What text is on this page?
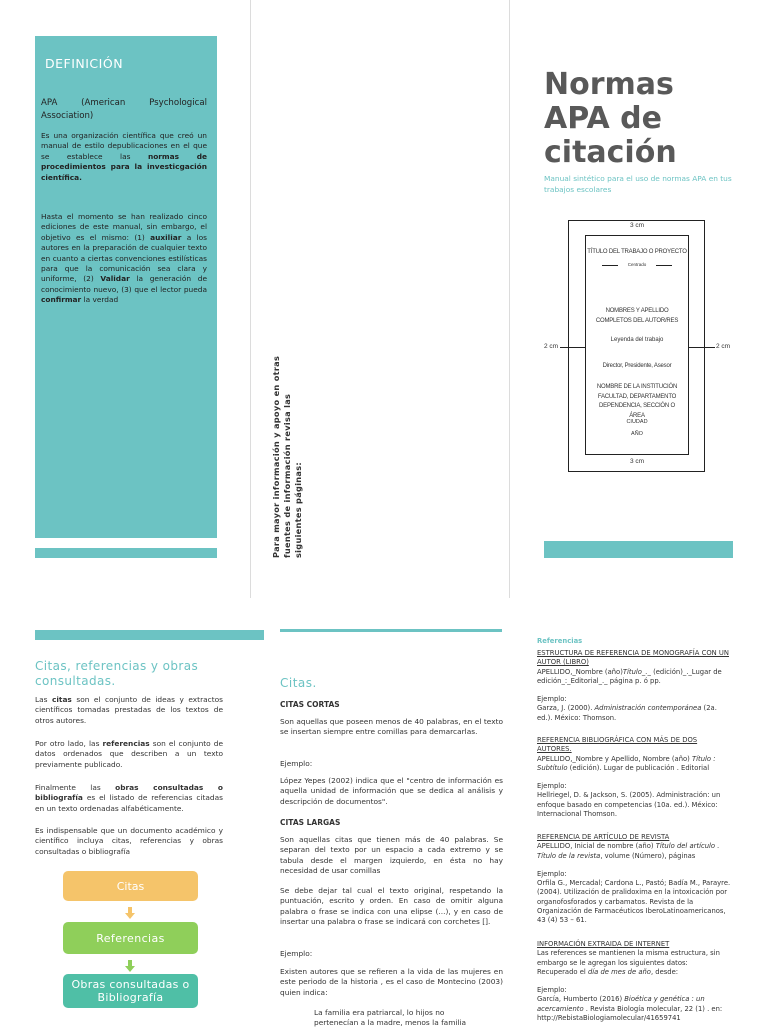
DEFINICIÓN

APA (American Psychological Association)

Es una organización científica que creó un manual de estilo depublicaciones en el que se establece las normas de procedimientos para la investicgación científica.

Hasta el momento se han realizado cinco ediciones de este manual, sin embargo, el objetivo es el mismo: (1) auxiliar a los autores en la preparación de cualquier texto en cuanto a ciertas convenciones estilísticas para que la comunicación sea clara y uniforme, (2) Validar la generación de conocimiento nuevo, (3) que el lector pueda confirmar la verdad

Para mayor información y apoyo en otras fuentes de información revisa las siguientes páginas:
Normas APA de citación

Manual sintético para el uso de normas APA en tus trabajos escolares

3 cm
3 cm
2 cm	2 cm
TÍTULO DEL TRABAJO O PROYECTO
Centrado
NOMBRES Y APELLIDO COMPLETOS DEL AUTOR/RES
Leyenda del trabajo
Director, Presidente, Asesor
NOMBRE DE LA INSTITUCIÓN FACULTAD, DEPARTAMENTO DEPENDENCIA, SECCIÓN O ÁREA
CIUDAD
AÑO
Citas, referencias y obras consultadas.

Las citas son el conjunto de ideas y extractos científicos tomadas prestadas de los textos de otros autores.

Por otro lado, las referencias son el conjunto de datos ordenados que describen a un texto previamente publicado.

Finalmente las obras consultadas o bibliografía es el listado de referencias citadas en un texto ordenadas alfabéticamente.

Es indispensable que un documento académico y científico incluya citas, referencias y obras consultadas o bibliografía

Citas
Referencias
Obras consultadas o Bibliografía
Citas.
CITAS CORTAS

Son aquellas que poseen menos de 40 palabras, en el texto se insertan siempre entre comillas para demarcarlas.

Ejemplo:

López Yepes (2002) indica que el "centro de información es aquella unidad de información que se dedica al análisis y descripción de documentos".

CITAS LARGAS

Son aquellas citas que tienen más de 40 palabras. Se separan del texto por un espacio a cada extremo y se tabula desde el margen izquierdo, en ésta no hay necesidad de usar comillas

Se debe dejar tal cual el texto original, respetando la puntuación, escrito y orden. En caso de omitir alguna palabra o frase se indica con una elipse (...), y en caso de insertar una palabra o frase se indicará con corchetes [].

Ejemplo:

Existen autores que se refieren a la vida de las mujeres en este periodo de la historia , es el caso de Montecino (2003) quien indica:

La familia era patriarcal, lo hijos no pertenecían a la madre, menos la familia

Referencias

ESTRUCTURA DE REFERENCIA DE MONOGRAFÍA CON UN AUTOR (LIBRO)

APELLIDO,_Nombre (año)Título_._ (edición)_._Lugar de edición_:_Editorial_._ página p. ó pp.

Ejemplo:

Garza, J. (2000). Administración contemporánea (2a. ed.). México: Thomson.

REFERENCIA BIBLIOGRÁFICA CON MÁS DE DOS AUTORES.

APELLIDO,_Nombre y Apellido, Nombre (año) Título : Subtítulo (edición). Lugar de publicación . Editorial

Ejemplo:

Hellriegel, D. & Jackson, S. (2005). Administración: un enfoque basado en competencias (10a. ed.). México: Internacional Thomson.

REFERENCIA DE ARTÍCULO DE REVISTA

APELLIDO, Inicial de nombre (año) Título del artículo . Título de la revista, volume (Número), páginas

Ejemplo:

Orfila G., Mercadal; Cardona L., Pastó; Badía M., Parayre. (2004). Utilización de pralidoxima en la intoxicación por organofosforados y carbamatos. Revista de la Organización de Farmacéuticos IberoLatinoamericanos, 43 (4) 53 – 61.

INFORMACIÓN EXTRAIDA DE INTERNET

Las references se mantienen la misma estructura, sin embargo se le agregan los siguientes datos:

Recuperado el día de mes de año, desde:

Ejemplo:

García, Humberto (2016) Bioética y genética : un acercamiento . Revista Biología molecular, 22 (1) . en: http://RebistaBiologiamolecular/41659741
